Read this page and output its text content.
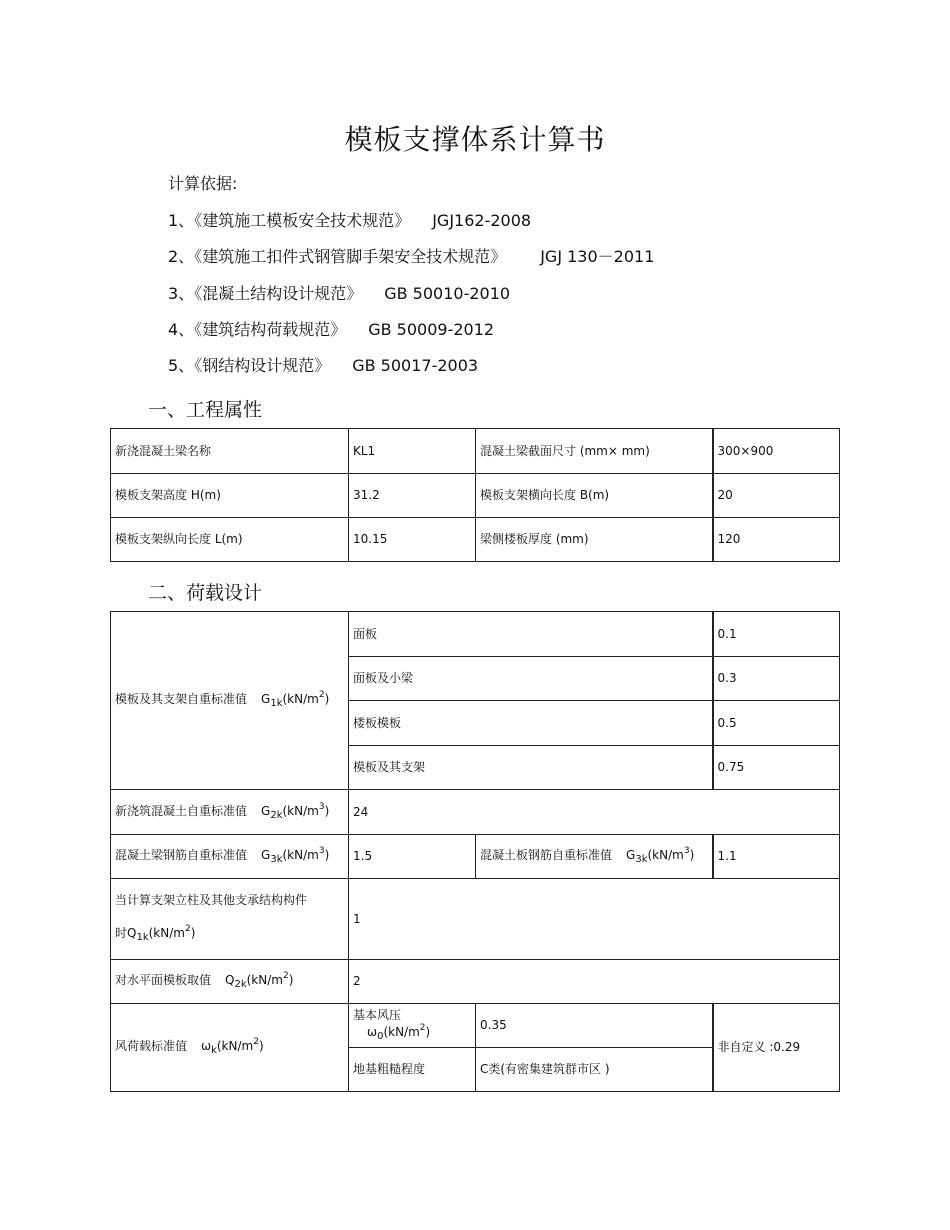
模板支撑体系计算书
计算依据:
1、《建筑施工模板安全技术规范》 JGJ162-2008
2、《建筑施工扣件式钢管脚手架安全技术规范》 JGJ 130－2011
3、《混凝土结构设计规范》 GB 50010-2010
4、《建筑结构荷载规范》 GB 50009-2012
5、《钢结构设计规范》 GB 50017-2003
一、工程属性
新浇混凝土梁名称	KL1	混凝土梁截面尺寸 (mm× mm)	300×900
模板支架高度 H(m)	31.2	模板支架横向长度 B(m)	20
模板支架纵向长度 L(m)	10.15	梁侧楼板厚度 (mm)	120
二、荷载设计
模板及其支架自重标准值 $G_{1k}(kN/m^2)$	面板		0.1
	面板及小梁		0.3
	楼板模板		0.5
	模板及其支架		0.75
新浇筑混凝土自重标准值 $G_{2k}(kN/m^3)$	24		
混凝土梁钢筋自重标准值 $G_{3k}(kN/m^3)$	1.5	混凝土板钢筋自重标准值 $G_{3k}(kN/m^3)$	1.1

当计算支架立柱及其他支承结构构件
时$Q_{1k}(kN/m^2)$	1		
对水平面模板取值 $Q_{2k}(kN/m^2)$	2		
风荷载标准值 $\omega_k(kN/m^2)$	基本风压$\omega_0(kN/m^2)$	0.35	非自定义 :0.29
	地基粗糙程度	C类(有密集建筑群市区 )	
